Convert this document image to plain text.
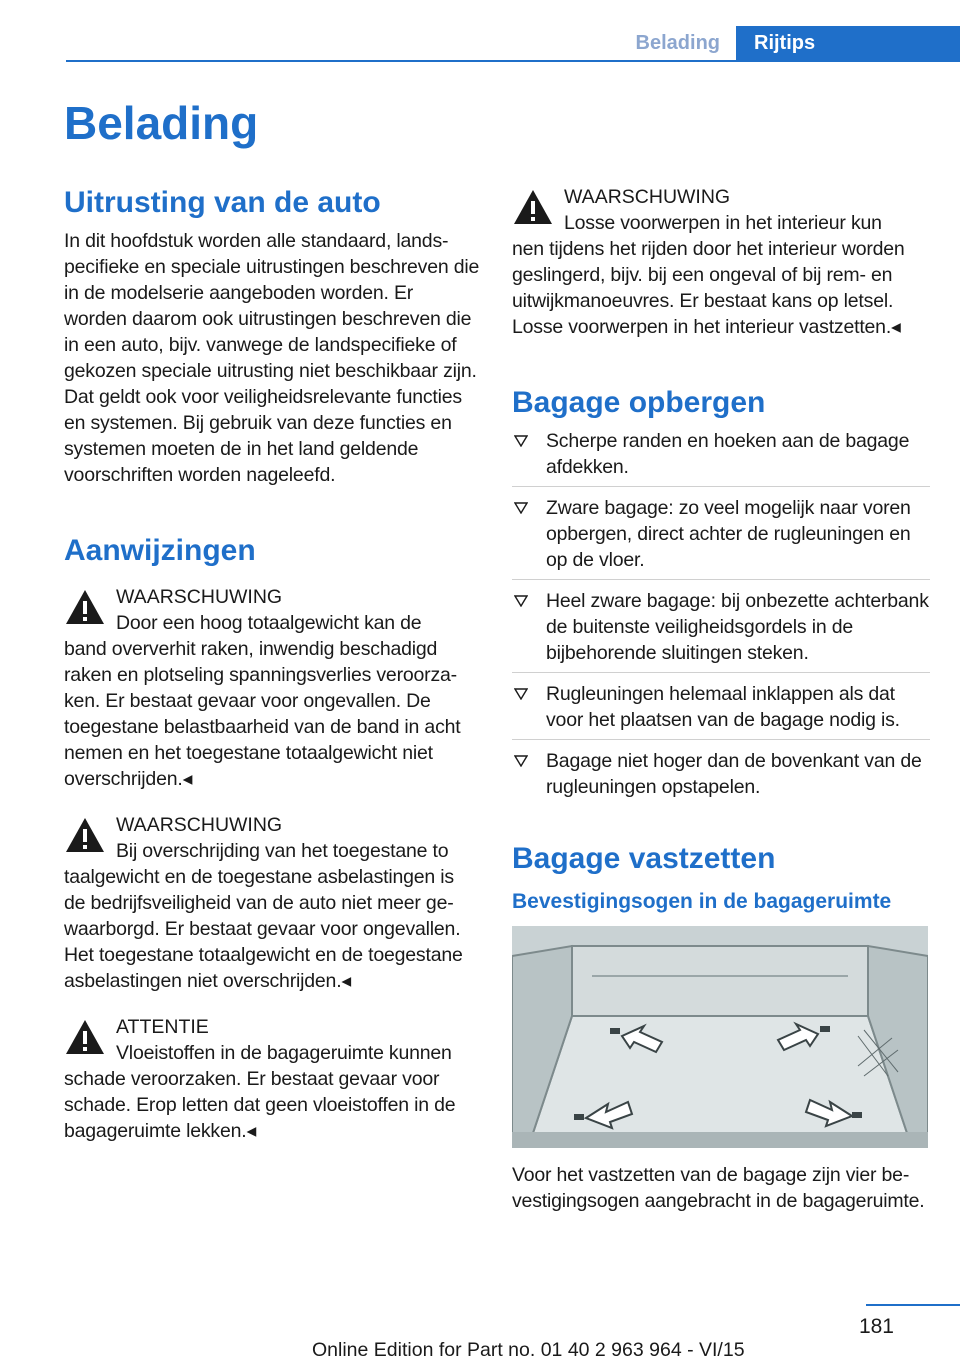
Belading	Rijtips
Belading
Uitrusting van de auto

In dit hoofdstuk worden alle standaard, landspecifieke en speciale uitrustingen beschreven die in de modelserie aangeboden worden. Er worden daarom ook uitrustingen beschreven die in een auto, bijv. vanwege de landspecifieke of gekozen speciale uitrusting niet beschikbaar zijn. Dat geldt ook voor veiligheidsrelevante functies en systemen. Bij gebruik van deze functies en systemen moeten de in het land geldende voorschriften worden nageleefd.

Aanwijzingen
WAARSCHUWING

Door een hoog totaalgewicht kan de
band oververhit raken, inwendig beschadigd raken en plotseling spanningsverlies veroorzaken. Er bestaat gevaar voor ongevallen. De toegestane belastbaarheid van de band in acht nemen en het toegestane totaalgewicht niet overschrijden.◂

WAARSCHUWING

Bij overschrijding van het toegestane to
taalgewicht en de toegestane asbelastingen is de bedrijfsveiligheid van de auto niet meer gewaarborgd. Er bestaat gevaar voor ongevallen. Het toegestane totaalgewicht en de toegestane asbelastingen niet overschrijden.◂

ATTENTIE

Vloeistoffen in de bagageruimte kunnen
schade veroorzaken. Er bestaat gevaar voor schade. Erop letten dat geen vloeistoffen in de bagageruimte lekken.◂

WAARSCHUWING

Losse voorwerpen in het interieur kun
nen tijdens het rijden door het interieur worden geslingerd, bijv. bij een ongeval of bij rem- en uitwijkmanoeuvres. Er bestaat kans op letsel. Losse voorwerpen in het interieur vastzetten.◂

Bagage opbergen
Scherpe randen en hoeken aan de bagage afdekken.
Zware bagage: zo veel mogelijk naar voren opbergen, direct achter de rugleuningen en op de vloer.
Heel zware bagage: bij onbezette achterbank de buitenste veiligheidsgordels in de bijbehorende sluitingen steken.
Rugleuningen helemaal inklappen als dat voor het plaatsen van de bagage nodig is.
Bagage niet hoger dan de bovenkant van de rugleuningen opstapelen.
Bagage vastzetten
Bevestigingsogen in de bagageruimte

Voor het vastzetten van de bagage zijn vier bevestigingsogen aangebracht in de bagageruimte.

181
Online Edition for Part no. 01 40 2 963 964 - VI/15
